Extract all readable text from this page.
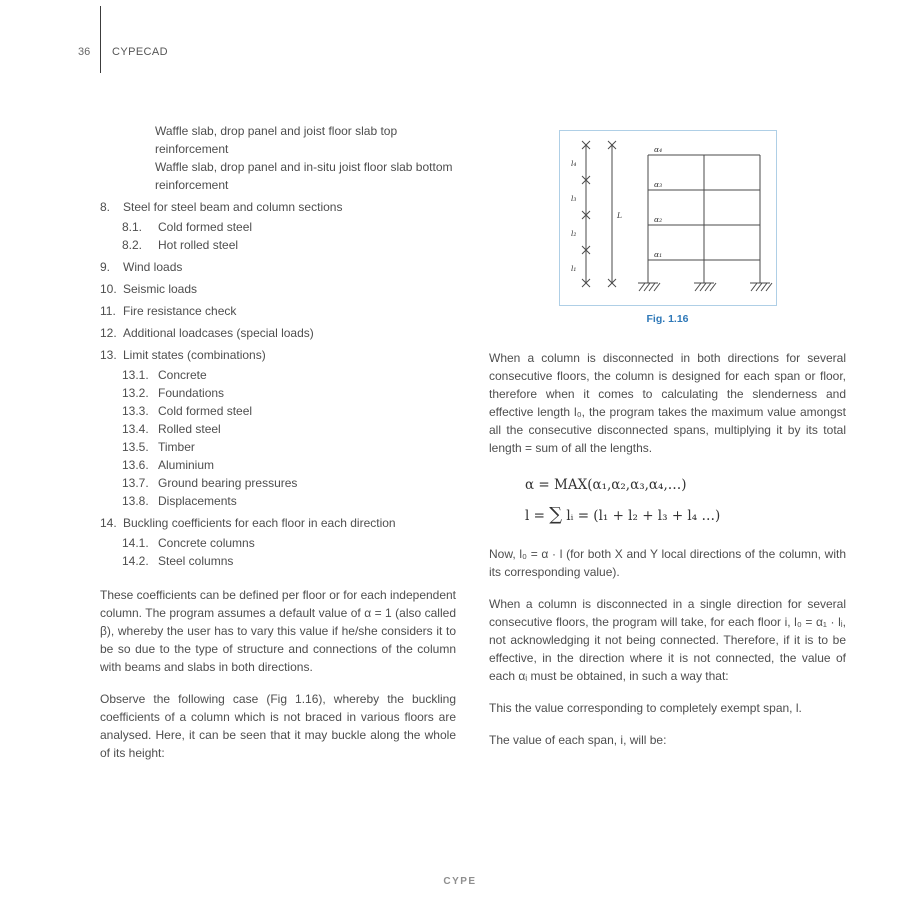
36 CYPECAD
Waffle slab, drop panel and joist floor slab top reinforcement
Waffle slab, drop panel and in-situ joist floor slab bottom reinforcement
8. Steel for steel beam and column sections
8.1. Cold formed steel
8.2. Hot rolled steel
9. Wind loads
10. Seismic loads
11. Fire resistance check
12. Additional loadcases (special loads)
13. Limit states (combinations)
13.1. Concrete
13.2. Foundations
13.3. Cold formed steel
13.4. Rolled steel
13.5. Timber
13.6. Aluminium
13.7. Ground bearing pressures
13.8. Displacements
14. Buckling coefficients for each floor in each direction
14.1. Concrete columns
14.2. Steel columns

These coefficients can be defined per floor or for each independent column. The program assumes a default value of α = 1 (also called β), whereby the user has to vary this value if he/she considers it to be so due to the type of structure and connections of the column with beams and slabs in both directions.

Observe the following case (Fig 1.16), whereby the buckling coefficients of a column which is not braced in various floors are analysed. Here, it can be seen that it may buckle along the whole of its height:

l₄
l₃
l₂
l₁
L
α₄
α₃
α₂
α₁
Fig. 1.16

When a column is disconnected in both directions for several consecutive floors, the column is designed for each span or floor, therefore when it comes to calculating the slenderness and effective length l₀, the program takes the maximum value amongst all the consecutive disconnected spans, multiplying it by its total length = sum of all the lengths.

α = MAX(α₁,α₂,α₃,α₄,…)
l = ∑ lᵢ = (l₁ + l₂ + l₃ + l₄ …)

Now, l₀ = α · l (for both X and Y local directions of the column, with its corresponding value).

When a column is disconnected in a single direction for several consecutive floors, the program will take, for each floor i, l₀ = α₁ · lᵢ, not acknowledging it not being connected. Therefore, if it is to be effective, in the direction where it is not connected, the value of each αᵢ must be obtained, in such a way that:

This the value corresponding to completely exempt span, l.

The value of each span, i, will be:

CYPE
